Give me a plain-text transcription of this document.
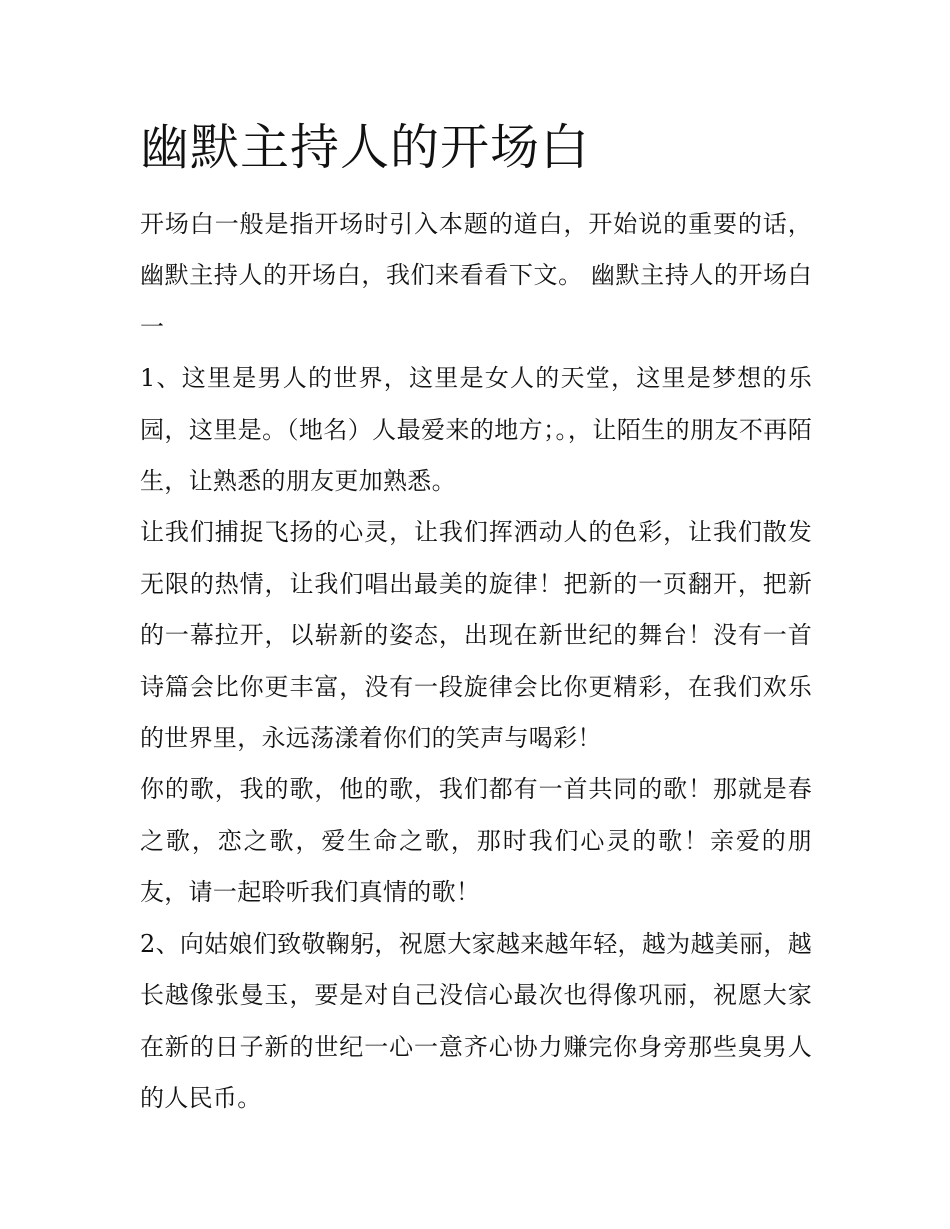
幽默主持人的开场白

开场白一般是指开场时引入本题的道白，开始说的重要的话，幽默主持人的开场白，我们来看看下文。 幽默主持人的开场白一

1、这里是男人的世界，这里是女人的天堂，这里是梦想的乐园，这里是。（地名）人最爱来的地方；。，让陌生的朋友不再陌生，让熟悉的朋友更加熟悉。

让我们捕捉飞扬的心灵，让我们挥洒动人的色彩，让我们散发无限的热情，让我们唱出最美的旋律！把新的一页翻开，把新的一幕拉开，以崭新的姿态，出现在新世纪的舞台！没有一首诗篇会比你更丰富，没有一段旋律会比你更精彩，在我们欢乐的世界里，永远荡漾着你们的笑声与喝彩！

你的歌，我的歌，他的歌，我们都有一首共同的歌！那就是春之歌，恋之歌，爱生命之歌，那时我们心灵的歌！亲爱的朋友，请一起聆听我们真情的歌！

2、向姑娘们致敬鞠躬，祝愿大家越来越年轻，越为越美丽，越长越像张曼玉，要是对自己没信心最次也得像巩丽，祝愿大家在新的日子新的世纪一心一意齐心协力赚完你身旁那些臭男人的人民币。
